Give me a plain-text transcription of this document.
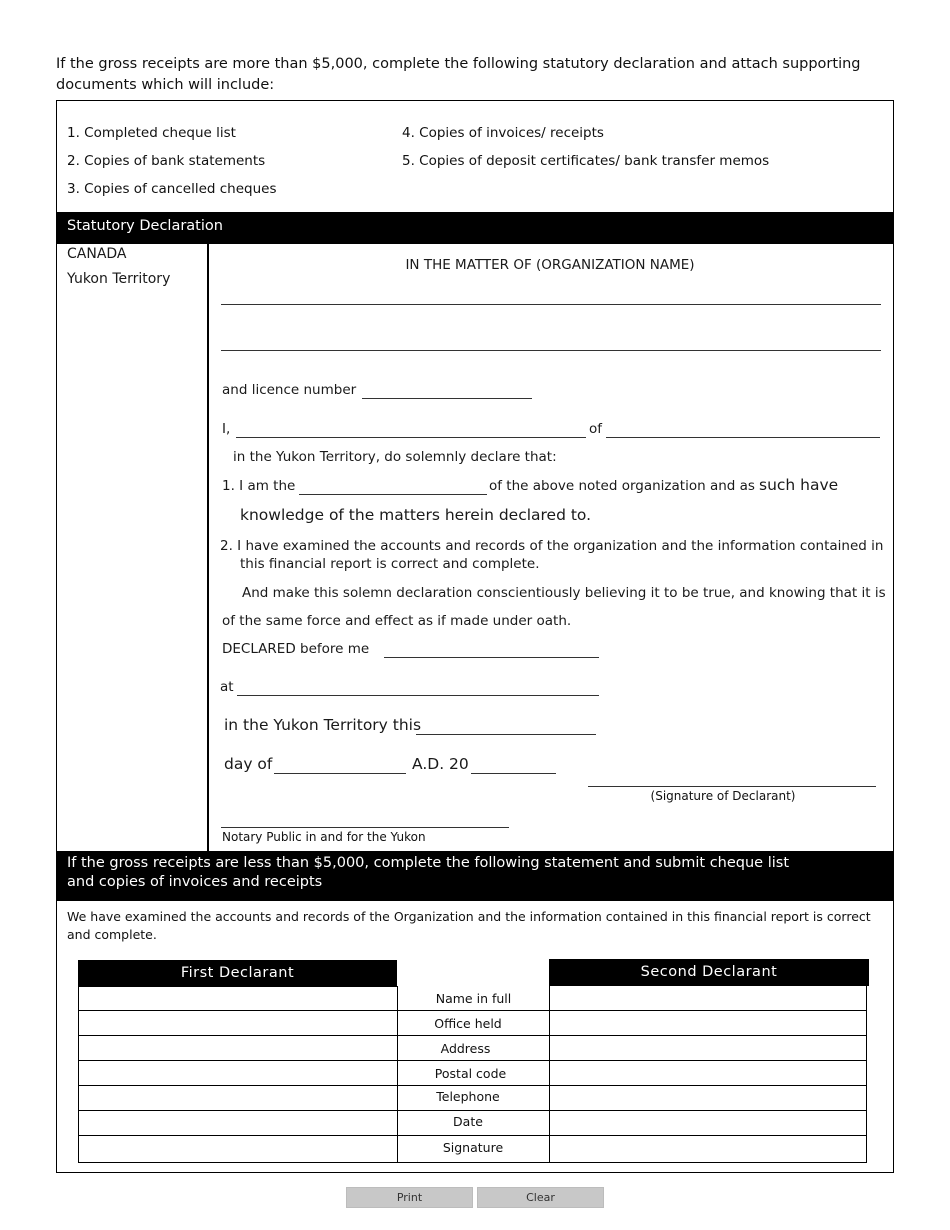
If the gross receipts are more than $5,000, complete the following statutory declaration and attach supporting documents which will include:
1. Completed cheque list
2. Copies of bank statements
3. Copies of cancelled cheques
4. Copies of invoices/ receipts
5. Copies of deposit certificates/ bank transfer memos
Statutory Declaration
CANADA
Yukon Territory
IN THE MATTER OF (ORGANIZATION NAME)
and licence number
I,	of
in the Yukon Territory, do solemnly declare that:
1. I am the	of the above noted organization and as such have
knowledge of the matters herein declared to.
2. I have examined the accounts and records of the organization and the information contained in
this financial report is correct and complete.
And make this solemn declaration conscientiously believing it to be true, and knowing that it is
of the same force and effect as if made under oath.
DECLARED before me
at
in the Yukon Territory this
day of	A.D. 20
(Signature of Declarant)
Notary Public in and for the Yukon
If the gross receipts are less than $5,000, complete the following statement and submit cheque list and copies of invoices and receipts
We have examined the accounts and records of the Organization and the information contained in this financial report is correct and complete.
First Declarant	Second Declarant
Name in full
Office held
Address
Postal code
Telephone
Date
Signature
Print	Clear
